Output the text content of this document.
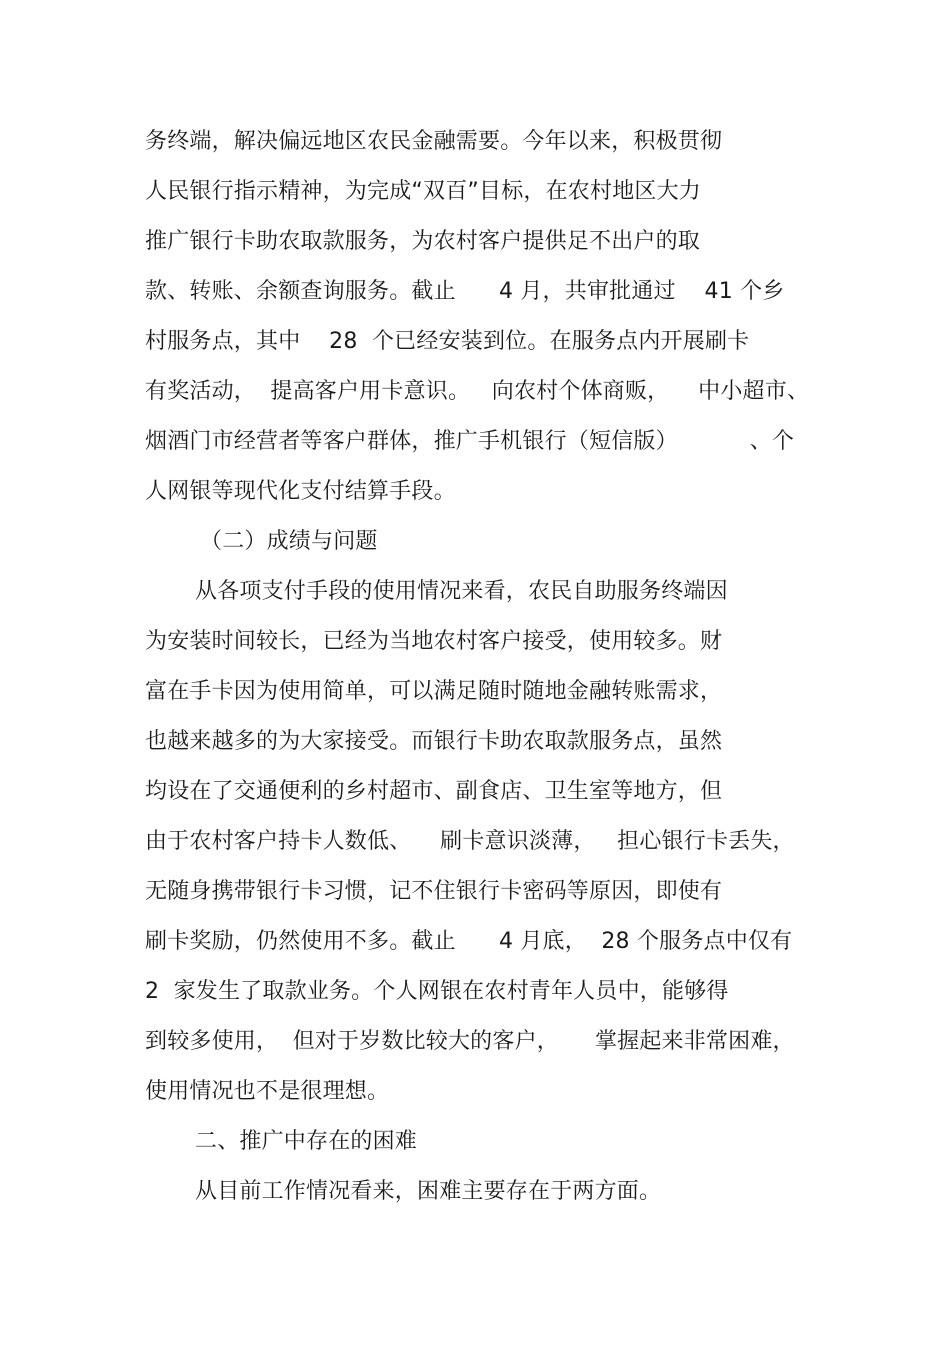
务终端，解决偏远地区农民金融需要。今年以来，积极贯彻
人民银行指示精神，为完成“双百”目标，在农村地区大力
推广银行卡助农取款服务，为农村客户提供足不出户的取
款、转账、余额查询服务。截止      4 月，共审批通过    41 个乡
村服务点，其中    28  个已经安装到位。在服务点内开展刷卡
有奖活动，  提高客户用卡意识。   向农村个体商贩，    中小超市、
烟酒门市经营者等客户群体，推广手机银行（短信版）          、个
人网银等现代化支付结算手段。
（二）成绩与问题
从各项支付手段的使用情况来看，农民自助服务终端因
为安装时间较长，已经为当地农村客户接受，使用较多。财
富在手卡因为使用简单，可以满足随时随地金融转账需求，
也越来越多的为大家接受。而银行卡助农取款服务点，虽然
均设在了交通便利的乡村超市、副食店、卫生室等地方，但
由于农村客户持卡人数低、    刷卡意识淡薄，   担心银行卡丢失，
无随身携带银行卡习惯，记不住银行卡密码等原因，即使有
刷卡奖励，仍然使用不多。截止      4 月底，  28 个服务点中仅有
2  家发生了取款业务。个人网银在农村青年人员中，能够得
到较多使用，  但对于岁数比较大的客户，     掌握起来非常困难，
使用情况也不是很理想。
二、推广中存在的困难
从目前工作情况看来，困难主要存在于两方面。
